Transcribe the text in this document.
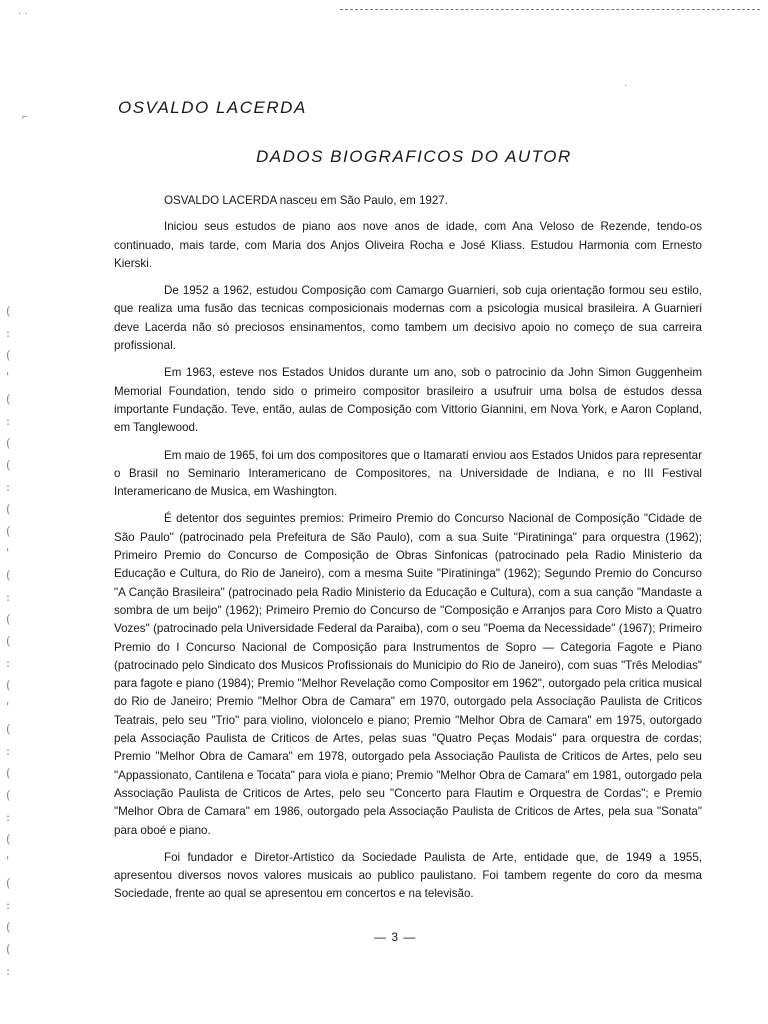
· ·
⌐
·
(
:
(
'
(
:
(
(
:
(
(
'
(
:
(
(
:
(
'
(
:
(
(
:
(
'
(
:
(
(
:
OSVALDO LACERDA
DADOS BIOGRAFICOS DO AUTOR

OSVALDO LACERDA nasceu em São Paulo, em 1927.

Iniciou seus estudos de piano aos nove anos de idade, com Ana Veloso de Rezende, tendo-os continuado, mais tarde, com Maria dos Anjos Oliveira Rocha e José Kliass. Estudou Harmonia com Ernesto Kierski.

De 1952 a 1962, estudou Composição com Camargo Guarnieri, sob cuja orientação formou seu estilo, que realiza uma fusão das tecnicas composicionais modernas com a psicologia musical brasileira. A Guarnieri deve Lacerda não só preciosos ensinamentos, como tambem um decisivo apoio no começo de sua carreira profissional.

Em 1963, esteve nos Estados Unidos durante um ano, sob o patrocinio da John Simon Guggenheim Memorial Foundation, tendo sido o primeiro compositor brasileiro a usufruir uma bolsa de estudos dessa importante Fundação. Teve, então, aulas de Composição com Vittorio Giannini, em Nova York, e Aaron Copland, em Tanglewood.

Em maio de 1965, foi um dos compositores que o Itamaratí enviou aos Estados Unidos para representar o Brasil no Seminario Interamericano de Compositores, na Universidade de Indiana, e no III Festival Interamericano de Musica, em Washington.

É detentor dos seguintes premios: Primeiro Premio do Concurso Nacional de Composição "Cidade de São Paulo" (patrocinado pela Prefeitura de São Paulo), com a sua Suite "Piratininga" para orquestra (1962); Primeiro Premio do Concurso de Composição de Obras Sinfonicas (patrocinado pela Radio Ministerio da Educação e Cultura, do Rio de Janeiro), com a mesma Suite "Piratininga" (1962); Segundo Premio do Concurso "A Canção Brasileira" (patrocinado pela Radio Ministerio da Educação e Cultura), com a sua canção "Mandaste a sombra de um beijo" (1962); Primeiro Premio do Concurso de "Composição e Arranjos para Coro Misto a Quatro Vozes" (patrocinado pela Universidade Federal da Paraiba), com o seu "Poema da Necessidade" (1967); Primeiro Premio do I Concurso Nacional de Composição para Instrumentos de Sopro — Categoria Fagote e Piano (patrocinado pelo Sindicato dos Musicos Profissionais do Municipio do Rio de Janeiro), com suas "Três Melodias" para fagote e piano (1984); Premio "Melhor Revelação como Compositor em 1962", outorgado pela critica musical do Rio de Janeiro; Premio "Melhor Obra de Camara" em 1970, outorgado pela Associação Paulista de Criticos Teatrais, pelo seu "Trio" para violino, violoncelo e piano; Premio "Melhor Obra de Camara" em 1975, outorgado pela Associação Paulista de Criticos de Artes, pelas suas "Quatro Peças Modais" para orquestra de cordas; Premio "Melhor Obra de Camara" em 1978, outorgado pela Associação Paulista de Criticos de Artes, pelo seu "Appassionato, Cantilena e Tocata" para viola e piano; Premio "Melhor Obra de Camara" em 1981, outorgado pela Associação Paulista de Criticos de Artes, pelo seu "Concerto para Flautim e Orquestra de Cordas"; e Premio "Melhor Obra de Camara" em 1986, outorgado pela Associação Paulista de Criticos de Artes, pela sua "Sonata" para oboé e piano.

Foi fundador e Diretor-Artistico da Sociedade Paulista de Arte, entidade que, de 1949 a 1955, apresentou diversos novos valores musicais ao publico paulistano. Foi tambem regente do coro da mesma Sociedade, frente ao qual se apresentou em concertos e na televisão.

— 3 —
